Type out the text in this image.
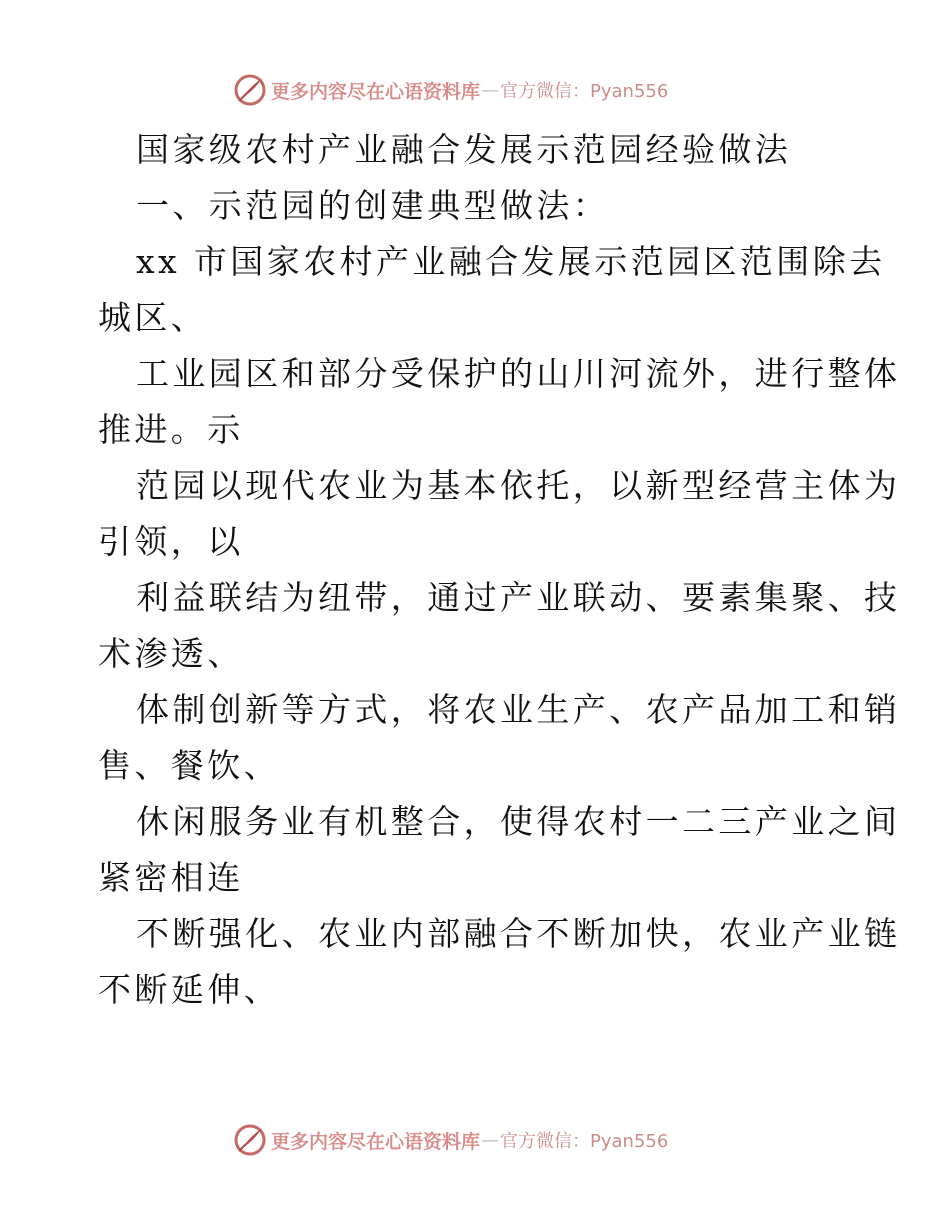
更多内容尽在心语资料库 — 官方微信：Pyan556

国家级农村产业融合发展示范园经验做法

一、示范园的创建典型做法：

xx 市国家农村产业融合发展示范园区范围除去

城区、

工业园区和部分受保护的山川河流外，进行整体

推进。示

范园以现代农业为基本依托，以新型经营主体为

引领，以

利益联结为纽带，通过产业联动、要素集聚、技

术渗透、

体制创新等方式，将农业生产、农产品加工和销

售、餐饮、

休闲服务业有机整合，使得农村一二三产业之间

紧密相连

不断强化、农业内部融合不断加快，农业产业链

不断延伸、

更多内容尽在心语资料库 — 官方微信：Pyan556
